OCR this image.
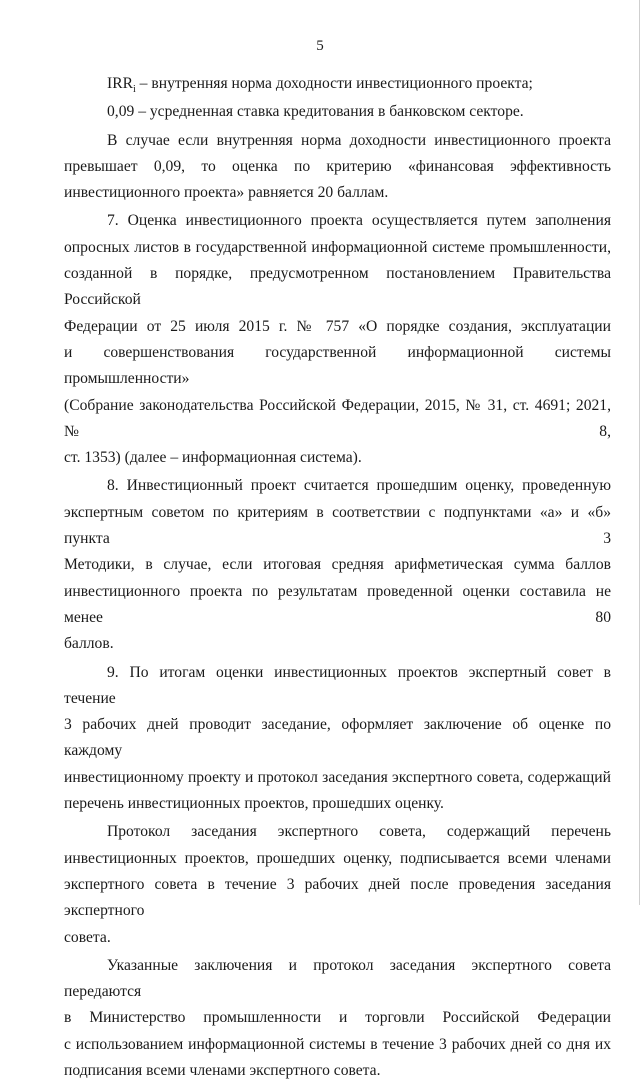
5

$IRR_i$ – внутренняя норма доходности инвестиционного проекта;

0,09 – усредненная ставка кредитования в банковском секторе.

В случае если внутренняя норма доходности инвестиционного проекта

превышает 0,09, то оценка по критерию «финансовая эффективность

инвестиционного проекта» равняется 20 баллам.

7. Оценка инвестиционного проекта осуществляется путем заполнения

опросных листов в государственной информационной системе промышленности,

созданной в порядке, предусмотренном постановлением Правительства Российской

Федерации от 25 июля 2015 г. № 757 «О порядке создания, эксплуатации

и совершенствования государственной информационной системы промышленности»

(Собрание законодательства Российской Федерации, 2015, № 31, ст. 4691; 2021, № 8,

ст. 1353) (далее – информационная система).

8. Инвестиционный проект считается прошедшим оценку, проведенную

экспертным советом по критериям в соответствии с подпунктами «а» и «б» пункта 3

Методики, в случае, если итоговая средняя арифметическая сумма баллов

инвестиционного проекта по результатам проведенной оценки составила не менее 80

баллов.

9. По итогам оценки инвестиционных проектов экспертный совет в течение

3 рабочих дней проводит заседание, оформляет заключение об оценке по каждому

инвестиционному проекту и протокол заседания экспертного совета, содержащий

перечень инвестиционных проектов, прошедших оценку.

Протокол заседания экспертного совета, содержащий перечень

инвестиционных проектов, прошедших оценку, подписывается всеми членами

экспертного совета в течение 3 рабочих дней после проведения заседания экспертного

совета.

Указанные заключения и протокол заседания экспертного совета передаются

в Министерство промышленности и торговли Российской Федерации

с использованием информационной системы в течение 3 рабочих дней со дня их

подписания всеми членами экспертного совета.
